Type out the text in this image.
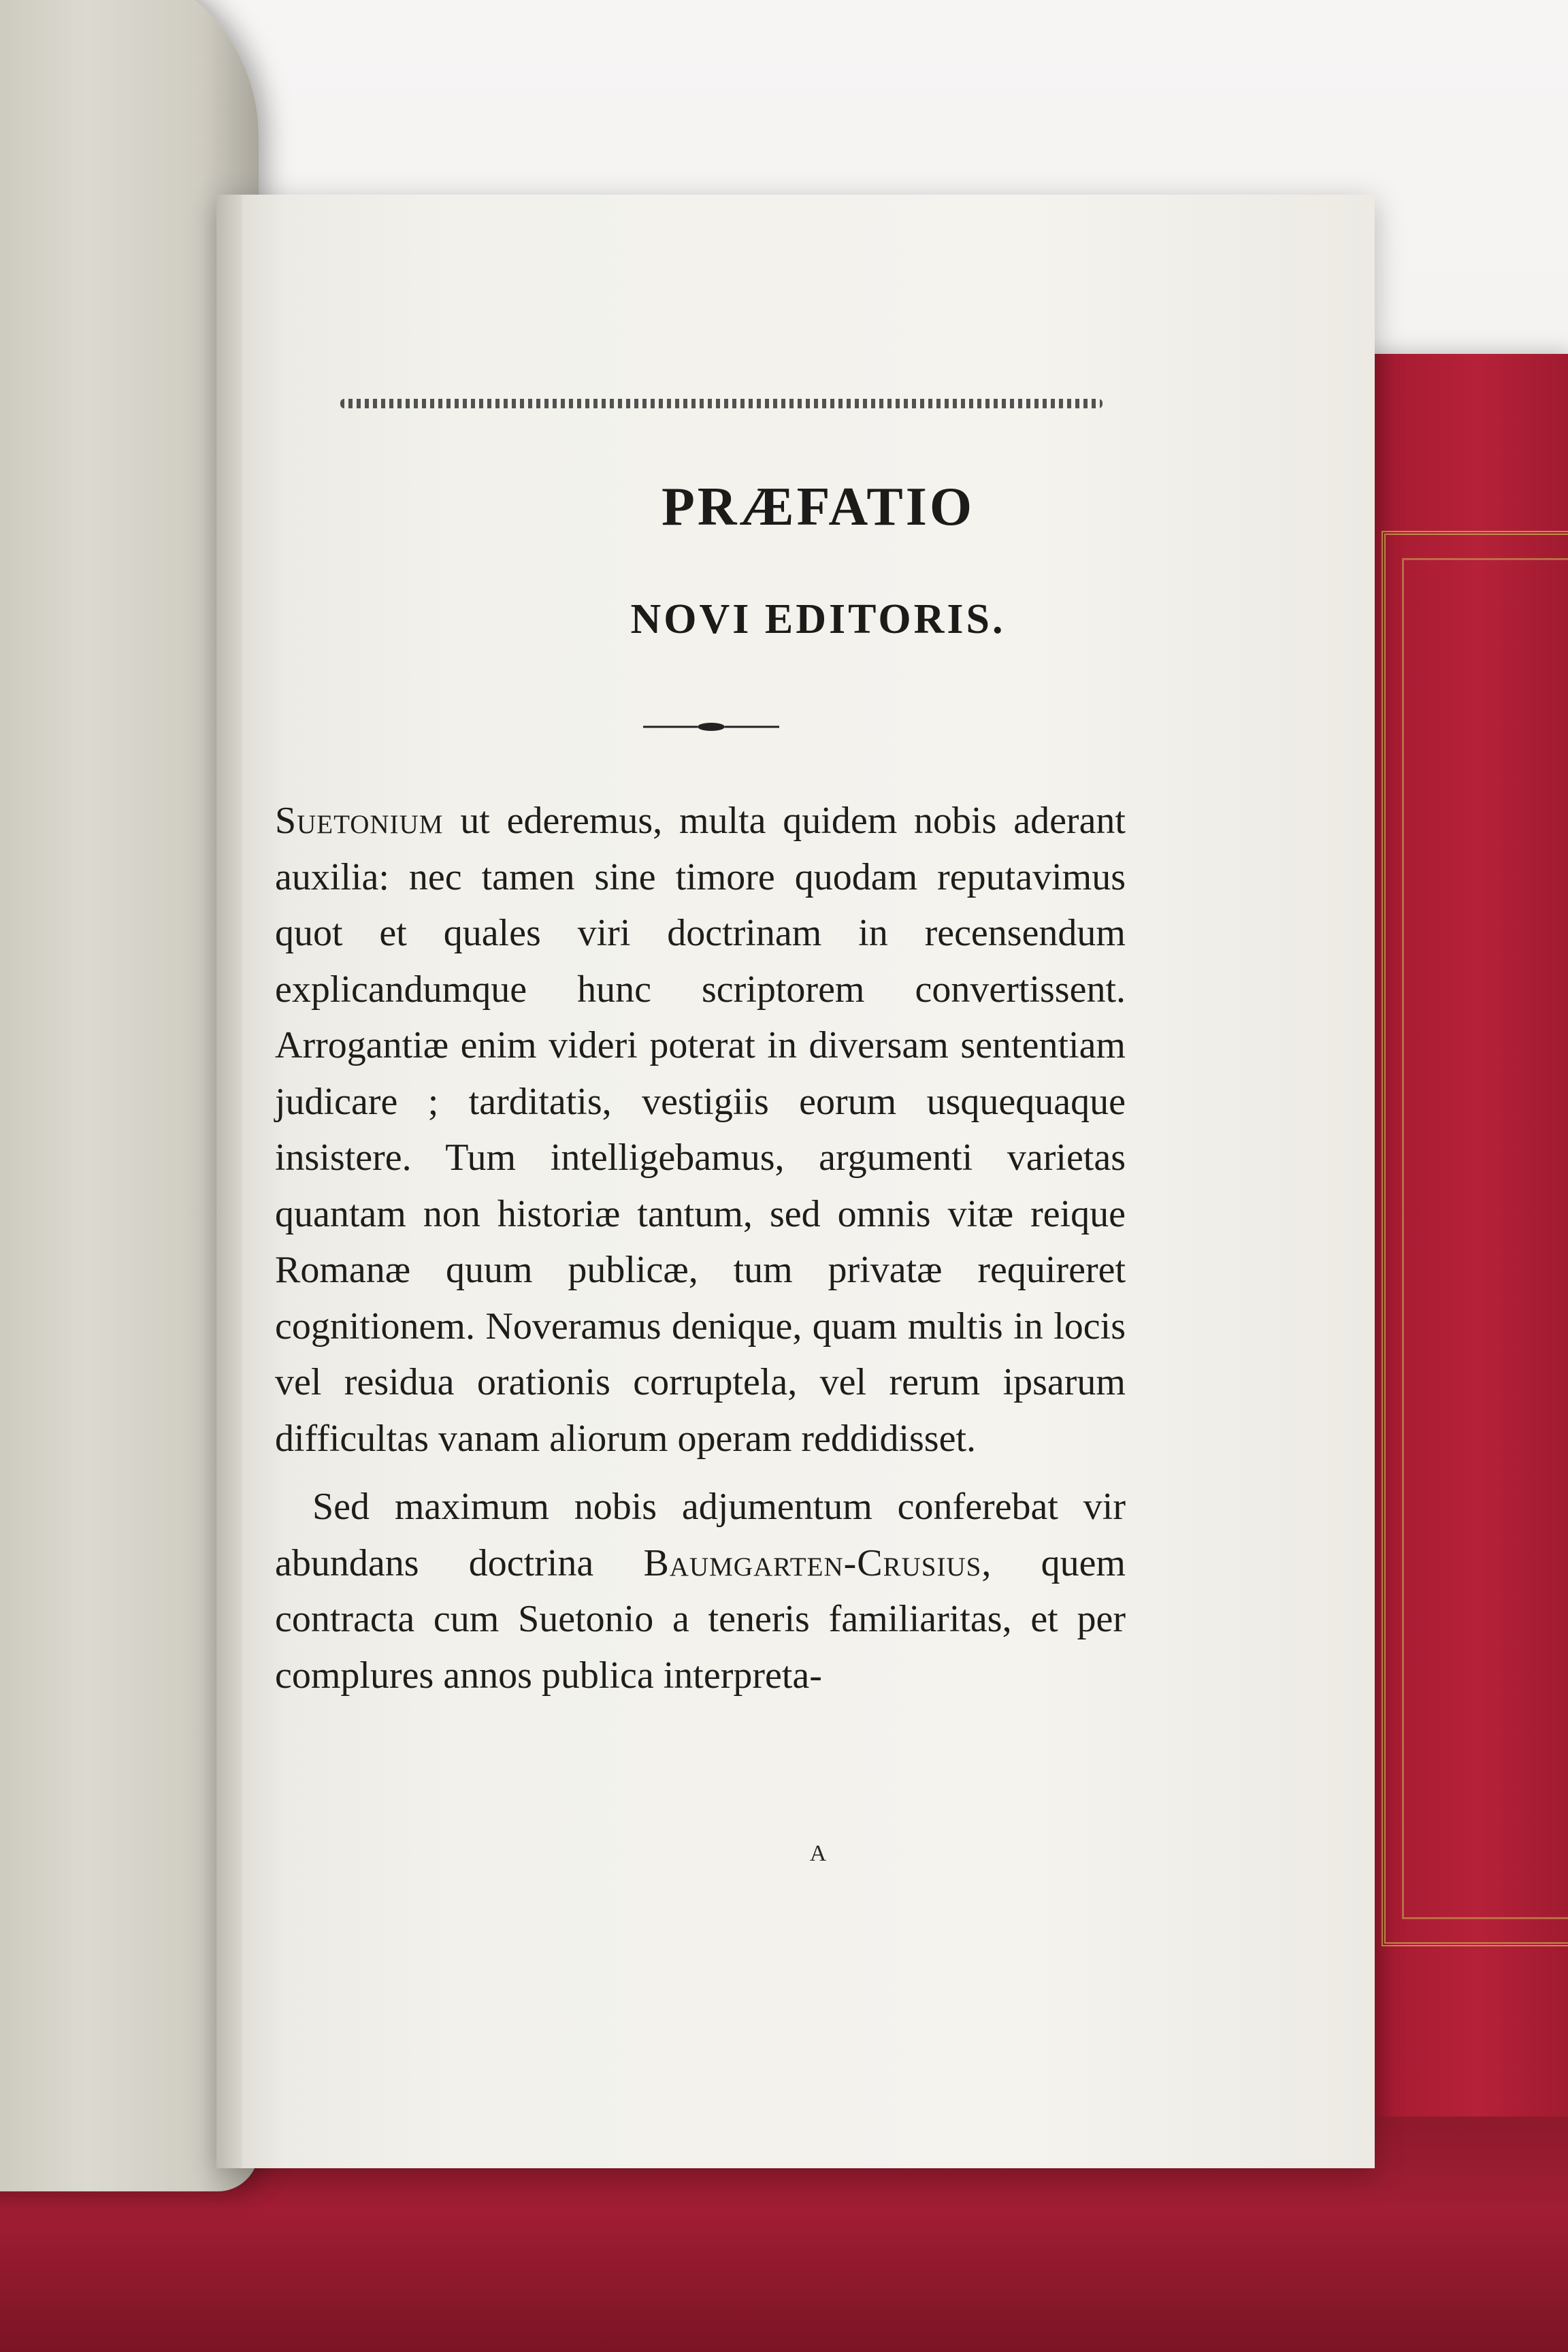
PRÆFATIO
NOVI EDITORIS.

Suetonium ut ederemus, multa quidem nobis aderant auxilia: nec tamen sine timore quodam reputavimus quot et quales viri doctrinam in recensendum explicandumque hunc scriptorem convertissent. Arrogantiæ enim videri poterat in diversam sententiam judicare ; tarditatis, vestigiis eorum usquequaque insistere. Tum intelligebamus, argumenti varietas quantam non historiæ tantum, sed omnis vitæ reique Romanæ quum publicæ, tum privatæ requireret cognitionem. Noveramus denique, quam multis in locis vel residua orationis corruptela, vel rerum ipsarum difficultas vanam aliorum operam reddidisset.

Sed maximum nobis adjumentum conferebat vir abundans doctrina Baumgarten-Crusius, quem contracta cum Suetonio a teneris familiaritas, et per complures annos publica interpreta-

A
